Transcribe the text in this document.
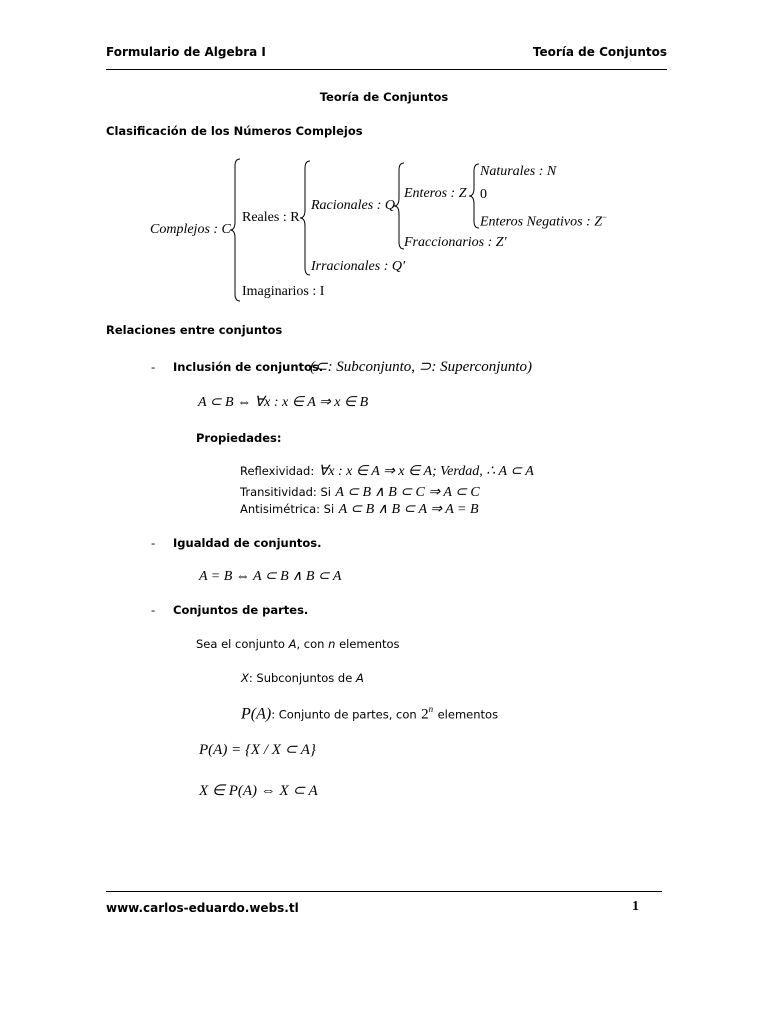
Formulario de Algebra I	Teoría de Conjuntos
Teoría de Conjuntos
Clasificación de los Números Complejos
Complejos : C
Reales : R
Imaginarios : I
Racionales : Q
Irracionales : Q'
Enteros : Z
Fraccionarios : Z'
Naturales : N
0
Enteros Negativos : Z−
Relaciones entre conjuntos
- Inclusión de conjuntos.
(⊂: Subconjunto, ⊃: Superconjunto)
A ⊂ B ⇔ ∀x : x ∈ A ⇒ x ∈ B
Propiedades:
Reflexividad: ∀x : x ∈ A ⇒ x ∈ A; Verdad, ∴ A ⊂ A
Transitividad: Si A ⊂ B ∧ B ⊂ C ⇒ A ⊂ C
Antisimétrica: Si A ⊂ B ∧ B ⊂ A ⇒ A = B
- Igualdad de conjuntos.
A = B ⇔ A ⊂ B ∧ B ⊂ A
- Conjuntos de partes.
Sea el conjunto A, con n elementos
X: Subconjuntos de A
P(A): Conjunto de partes, con 2$^n$ elementos
P(A) = {X / X ⊂ A}
X ∈ P(A) ⇔ X ⊂ A
www.carlos-eduardo.webs.tl	1
